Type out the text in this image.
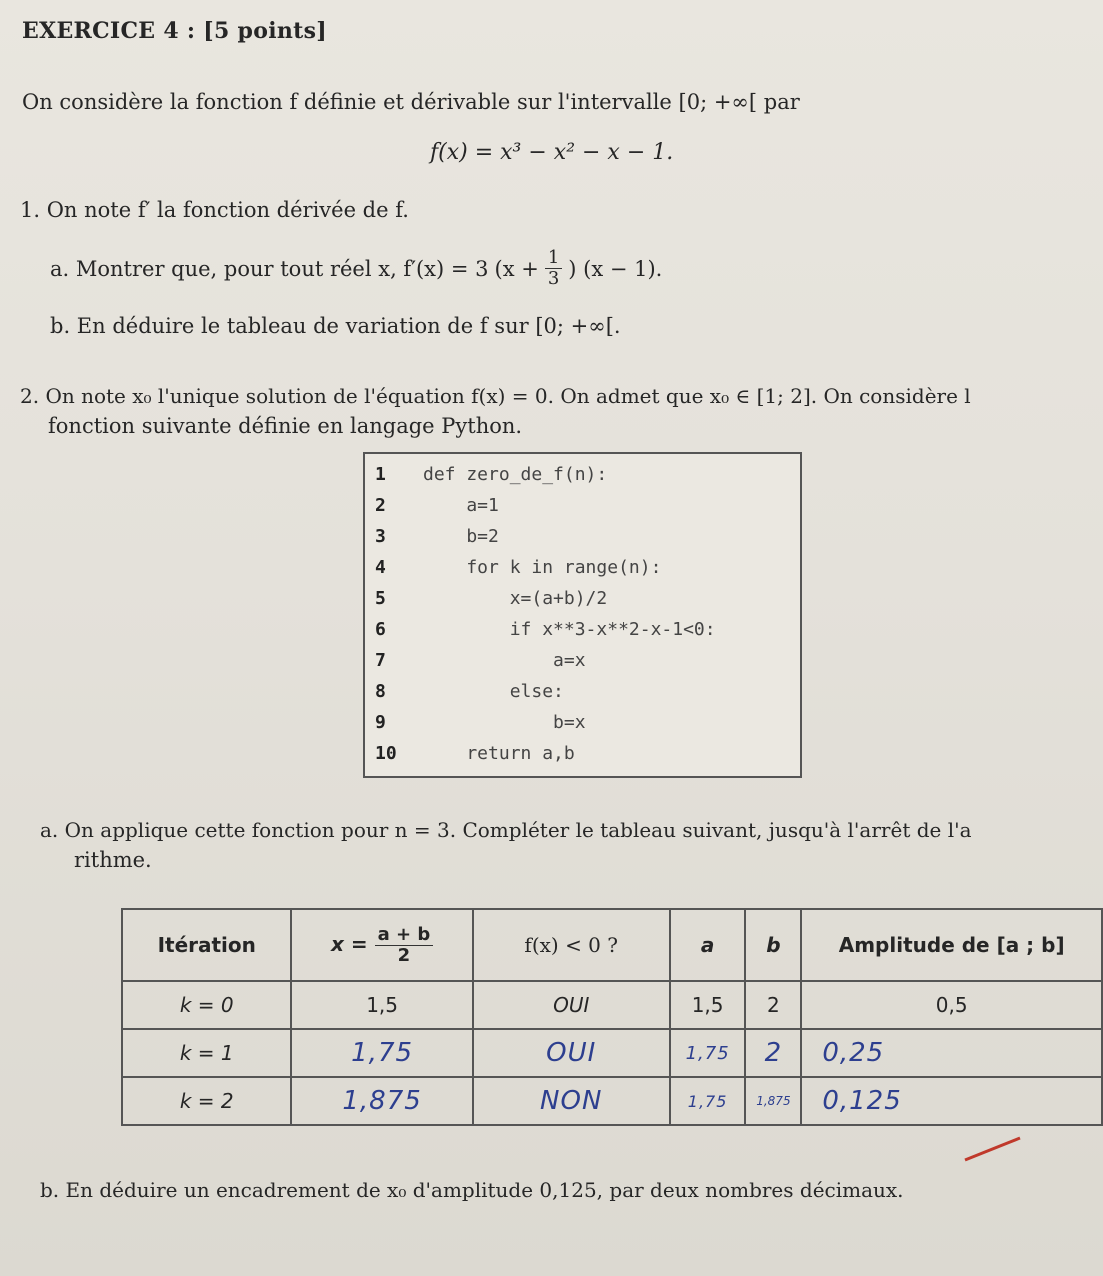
EXERCICE 4 : [5 points]
On considère la fonction f définie et dérivable sur l'intervalle [0; +∞[ par
f(x) = x³ − x² − x − 1.
1. On note f′ la fonction dérivée de f.
a. Montrer que, pour tout réel x, f′(x) = 3 ($x + \frac{1}{3}$ ) (x − 1).
b. En déduire le tableau de variation de f sur [0; +∞[.
2. On note x₀ l'unique solution de l'équation f(x) = 0. On admet que x₀ ∈ [1; 2]. On considère l
fonction suivante définie en langage Python.
1 def zero_de_f(n):
2    a=1
3    b=2
4    for k in range(n):
5        x=(a+b)/2
6        if x**3-x**2-x-1<0:
7            a=x
8        else:
9            b=x
10    return a,b
a. On applique cette fonction pour n = 3. Compléter le tableau suivant, jusqu'à l'arrêt de l'a
rithme.
Itération	$x = \frac{a + b}{2}$	f(x) < 0 ?	a	b	Amplitude de [a ; b]
k = 0	1,5	OUI	1,5	2	0,5
k = 1	1,75	OUI	1,75	2	0,25
k = 2	1,875	NON	1,75	1,875	0,125
b. En déduire un encadrement de x₀ d'amplitude 0,125, par deux nombres décimaux.
